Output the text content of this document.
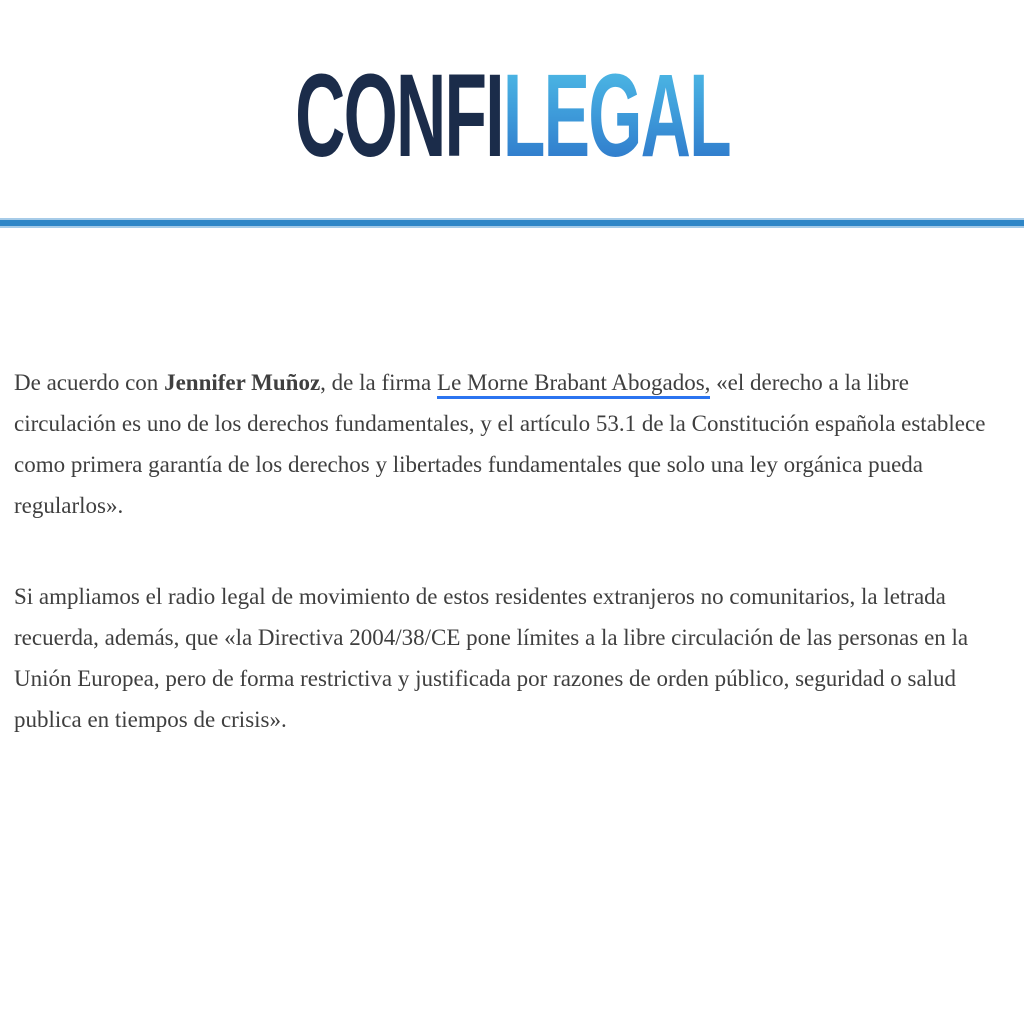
CONFILEGAL

De acuerdo con Jennifer Muñoz, de la firma Le Morne Brabant Abogados, «el derecho a la libre circulación es uno de los derechos fundamentales, y el artículo 53.1 de la Constitución española establece como primera garantía de los derechos y libertades fundamentales que solo una ley orgánica pueda regularlos».

Si ampliamos el radio legal de movimiento de estos residentes extranjeros no comunitarios, la letrada recuerda, además, que «la Directiva 2004/38/CE pone límites a la libre circulación de las personas en la Unión Europea, pero de forma restrictiva y justificada por razones de orden público, seguridad o salud publica en tiempos de crisis».
